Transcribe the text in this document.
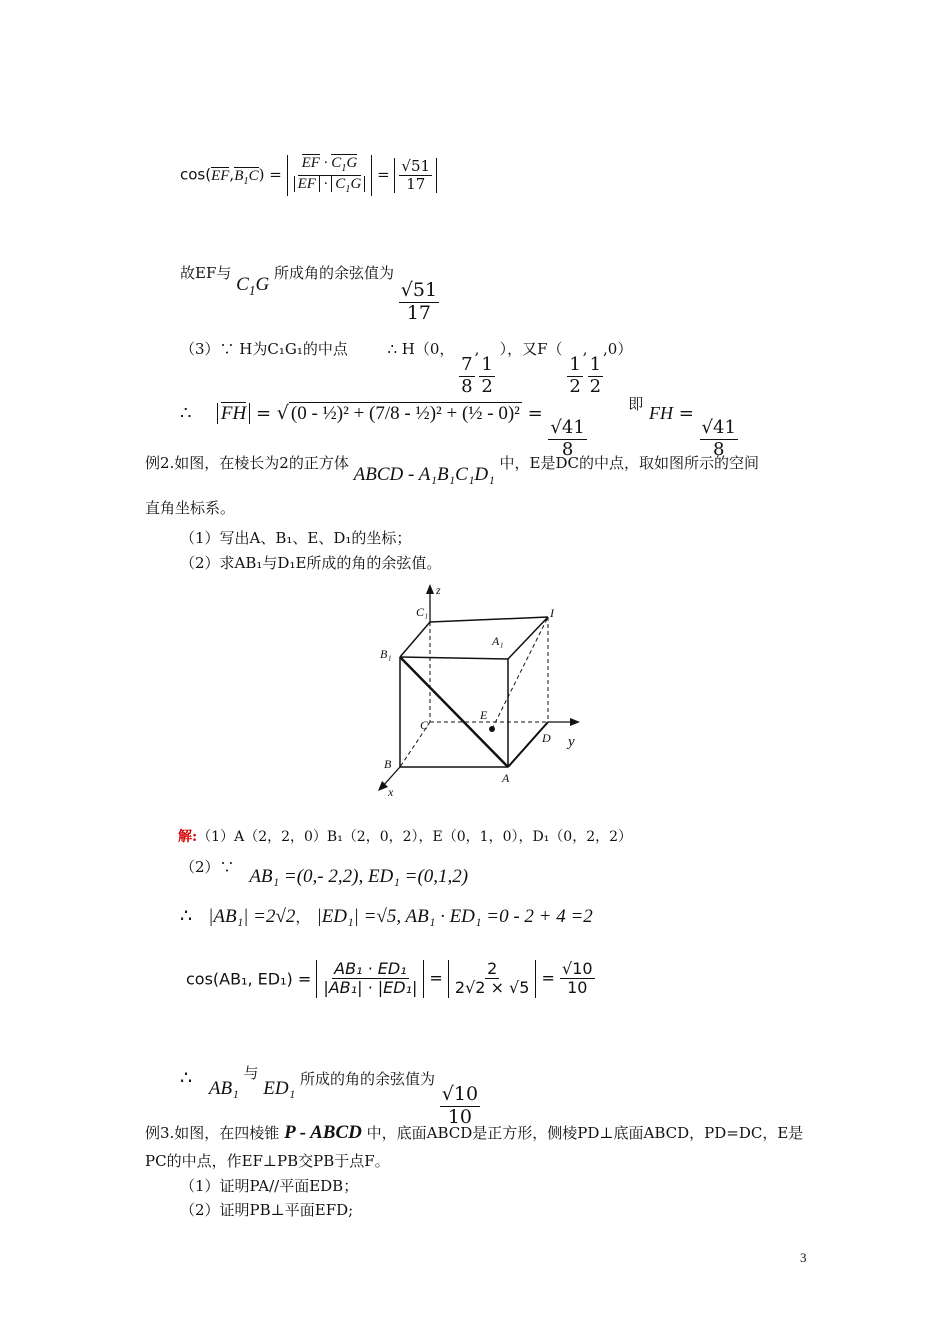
$\cos(EF,B_1C) = \frac{EF \cdot C_1G}{EF \cdot C_1G} = \frac{√51}{17}$
故EF与 $C_1G$ 所成角的余弦值为
$\frac{√51}{17}$
（3）∵ H为C₁G₁的中点	∴ H（0，
$\frac{7}{8}$
,
$\frac{1}{2}$
），又F（
$\frac{1}{2}$
,
$\frac{1}{2}$
,0）
∴ FH = √ (0 - ½)² + (7/8 - ½)² + (½ - 0)² =
$\frac{√41}{8}$
$^即$ FH =
$\frac{√41}{8}$
例2.如图，在棱长为2的正方体 ABCD - A₁B₁C₁D₁ 中，E是DC的中点，取如图所示的空间
直角坐标系。
（1）写出A、B₁、E、D₁的坐标；
（2）求AB₁与D₁E所成的角的余弦值。
z
y
x
C₁	I
A₁
B₁
C
E
D
B
A
解:（1）A（2，2，0）B₁（2，0，2），E（0，1，0），D₁（0，2，2）
（2）∵ AB₁ =(0,- 2,2), ED₁ =(0,1,2)
∴ |AB₁| =2√2， |ED₁| =√5, AB₁ · ED₁ =0 - 2 + 4 =2
cos(AB₁, $ED_1) = \frac{\text{AB₁ · ED₁}}{\text{|AB₁| · |ED₁|}} = \frac{2}{2√2 \times √5} = \frac{√10}{10}$
∴ AB₁ 与 ED₁ 所成的角的余弦值为
$\frac{√10}{10}$
例3.如图，在四棱锥 P - ABCD 中，底面ABCD是正方形，侧棱PD⊥底面ABCD，PD=DC，E是
PC的中点，作EF⊥PB交PB于点F。
（1）证明PA//平面EDB；
（2）证明PB⊥平面EFD;
3
